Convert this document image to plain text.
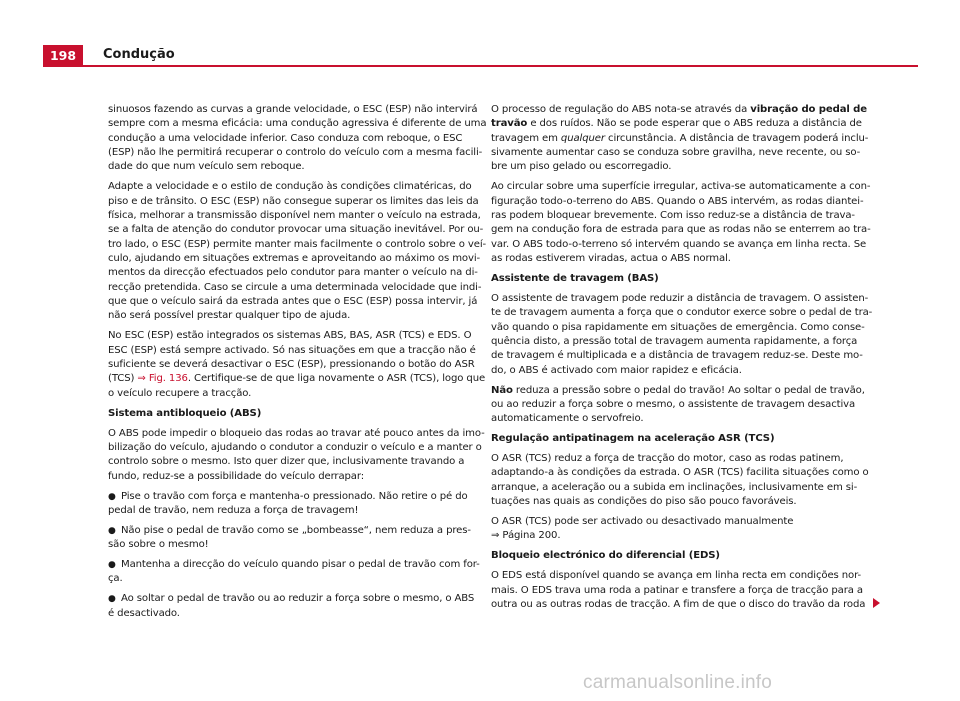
198	Condução

sinuosos fazendo as curvas a grande velocidade, o ESC (ESP) não intervirá
sempre com a mesma eficácia: uma condução agressiva é diferente de uma
condução a uma velocidade inferior. Caso conduza com reboque, o ESC
(ESP) não lhe permitirá recuperar o controlo do veículo com a mesma facili-
dade do que num veículo sem reboque.

Adapte a velocidade e o estilo de condução às condições climatéricas, do
piso e de trânsito. O ESC (ESP) não consegue superar os limites das leis da
física, melhorar a transmissão disponível nem manter o veículo na estrada,
se a falta de atenção do condutor provocar uma situação inevitável. Por ou-
tro lado, o ESC (ESP) permite manter mais facilmente o controlo sobre o veí-
culo, ajudando em situações extremas e aproveitando ao máximo os movi-
mentos da direcção efectuados pelo condutor para manter o veículo na di-
recção pretendida. Caso se circule a uma determinada velocidade que indi-
que que o veículo sairá da estrada antes que o ESC (ESP) possa intervir, já
não será possível prestar qualquer tipo de ajuda.

No ESC (ESP) estão integrados os sistemas ABS, BAS, ASR (TCS) e EDS. O
ESC (ESP) está sempre activado. Só nas situações em que a tracção não é
suficiente se deverá desactivar o ESC (ESP), pressionando o botão do ASR
(TCS) ⇒ Fig. 136. Certifique-se de que liga novamente o ASR (TCS), logo que
o veículo recupere a tracção.

Sistema antibloqueio (ABS)

O ABS pode impedir o bloqueio das rodas ao travar até pouco antes da imo-
bilização do veículo, ajudando o condutor a conduzir o veículo e a manter o
controlo sobre o mesmo. Isto quer dizer que, inclusivamente travando a
fundo, reduz-se a possibilidade do veículo derrapar:

● Pise o travão com força e mantenha-o pressionado. Não retire o pé do
pedal de travão, nem reduza a força de travagem!

● Não pise o pedal de travão como se „bombeasse“, nem reduza a pres-
são sobre o mesmo!

● Mantenha a direcção do veículo quando pisar o pedal de travão com for-
ça.

● Ao soltar o pedal de travão ou ao reduzir a força sobre o mesmo, o ABS
é desactivado.

O processo de regulação do ABS nota-se através da vibração do pedal de
travão e dos ruídos. Não se pode esperar que o ABS reduza a distância de
travagem em qualquer circunstância. A distância de travagem poderá inclu-
sivamente aumentar caso se conduza sobre gravilha, neve recente, ou so-
bre um piso gelado ou escorregadio.

Ao circular sobre uma superfície irregular, activa-se automaticamente a con-
figuração todo-o-terreno do ABS. Quando o ABS intervém, as rodas diantei-
ras podem bloquear brevemente. Com isso reduz-se a distância de trava-
gem na condução fora de estrada para que as rodas não se enterrem ao tra-
var. O ABS todo-o-terreno só intervém quando se avança em linha recta. Se
as rodas estiverem viradas, actua o ABS normal.

Assistente de travagem (BAS)

O assistente de travagem pode reduzir a distância de travagem. O assisten-
te de travagem aumenta a força que o condutor exerce sobre o pedal de tra-
vão quando o pisa rapidamente em situações de emergência. Como conse-
quência disto, a pressão total de travagem aumenta rapidamente, a força
de travagem é multiplicada e a distância de travagem reduz-se. Deste mo-
do, o ABS é activado com maior rapidez e eficácia.

Não reduza a pressão sobre o pedal do travão! Ao soltar o pedal de travão,
ou ao reduzir a força sobre o mesmo, o assistente de travagem desactiva
automaticamente o servofreio.

Regulação antipatinagem na aceleração ASR (TCS)

O ASR (TCS) reduz a força de tracção do motor, caso as rodas patinem,
adaptando-a às condições da estrada. O ASR (TCS) facilita situações como o
arranque, a aceleração ou a subida em inclinações, inclusivamente em si-
tuações nas quais as condições do piso são pouco favoráveis.

O ASR (TCS) pode ser activado ou desactivado manualmente
⇒ Página 200.

Bloqueio electrónico do diferencial (EDS)

O EDS está disponível quando se avança em linha recta em condições nor-
mais. O EDS trava uma roda a patinar e transfere a força de tracção para a
outra ou as outras rodas de tracção. A fim de que o disco do travão da roda

carmanualsonline.info
